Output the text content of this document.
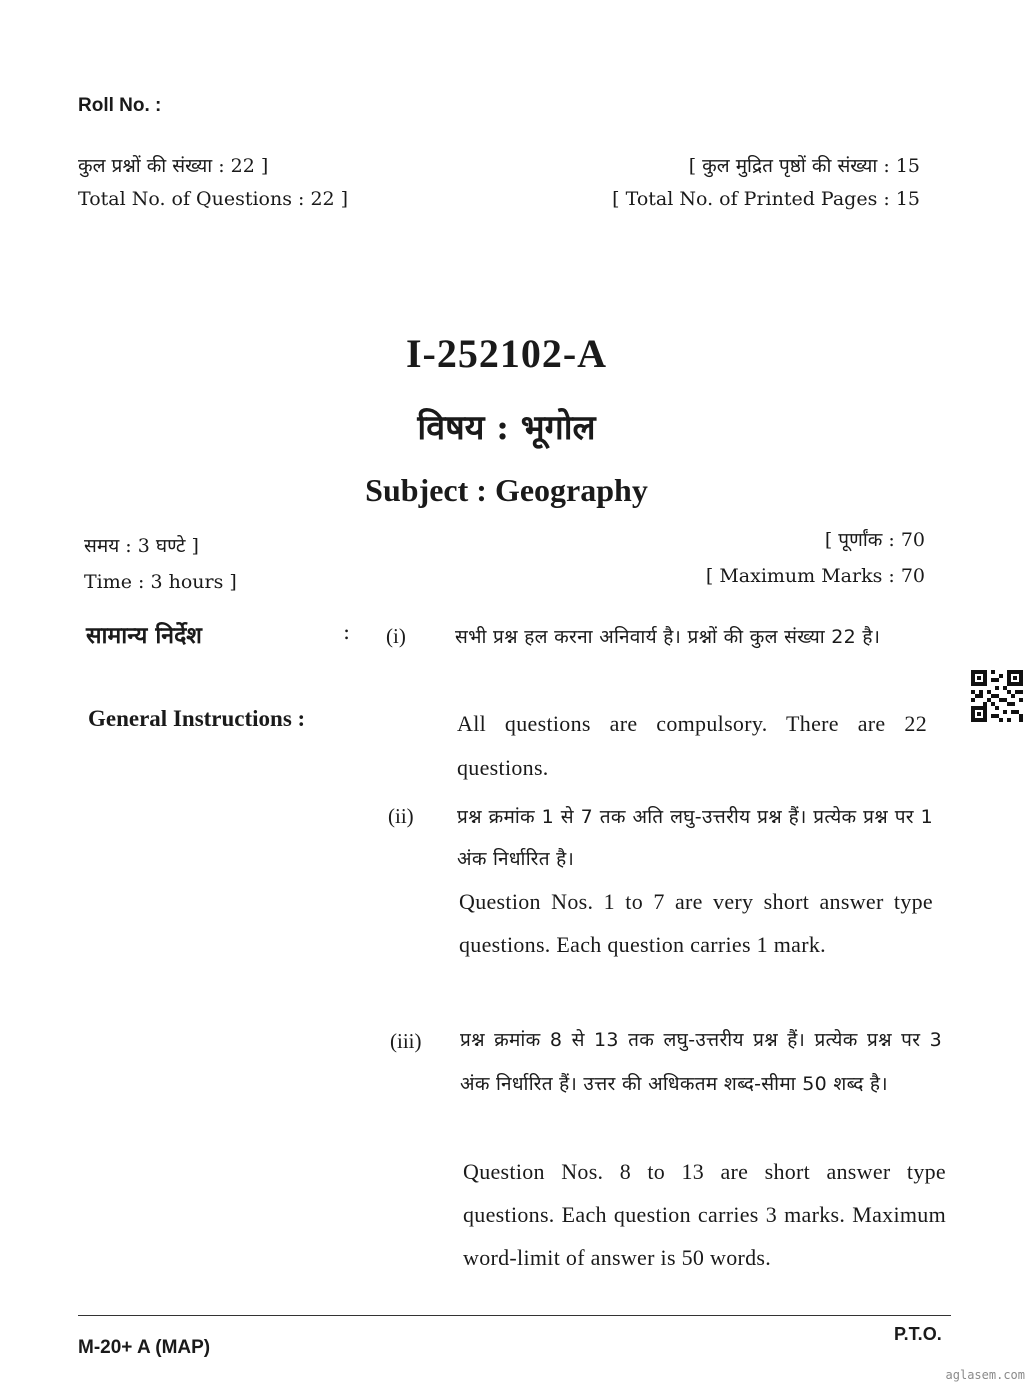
Roll No. :
कुल प्रश्नों की संख्या : 22 ]
Total No. of Questions : 22 ]
[ कुल मुद्रित पृष्ठों की संख्या : 15
[ Total No. of Printed Pages : 15
I-252102-A
विषय : भूगोल
Subject : Geography
समय : 3 घण्टे ]
Time : 3 hours ]
[ पूर्णांक : 70
[ Maximum Marks : 70
सामान्य निर्देश	:
General Instructions :
(i)	सभी प्रश्न हल करना अनिवार्य है। प्रश्नों की कुल संख्या 22 है।
All questions are compulsory. There are 22 questions.
(ii) प्रश्न क्रमांक 1 से 7 तक अति लघु-उत्तरीय प्रश्न हैं। प्रत्येक प्रश्न पर 1 अंक निर्धारित है।
Question Nos. 1 to 7 are very short answer type questions. Each question carries 1 mark.
(iii) प्रश्न क्रमांक 8 से 13 तक लघु-उत्तरीय प्रश्न हैं। प्रत्येक प्रश्न पर 3 अंक निर्धारित हैं। उत्तर की अधिकतम शब्द-सीमा 50 शब्द है।
Question Nos. 8 to 13 are short answer type questions. Each question carries 3 marks. Maximum word-limit of answer is 50 words.
M-20+ A (MAP)
P.T.O.
aglasem.com
